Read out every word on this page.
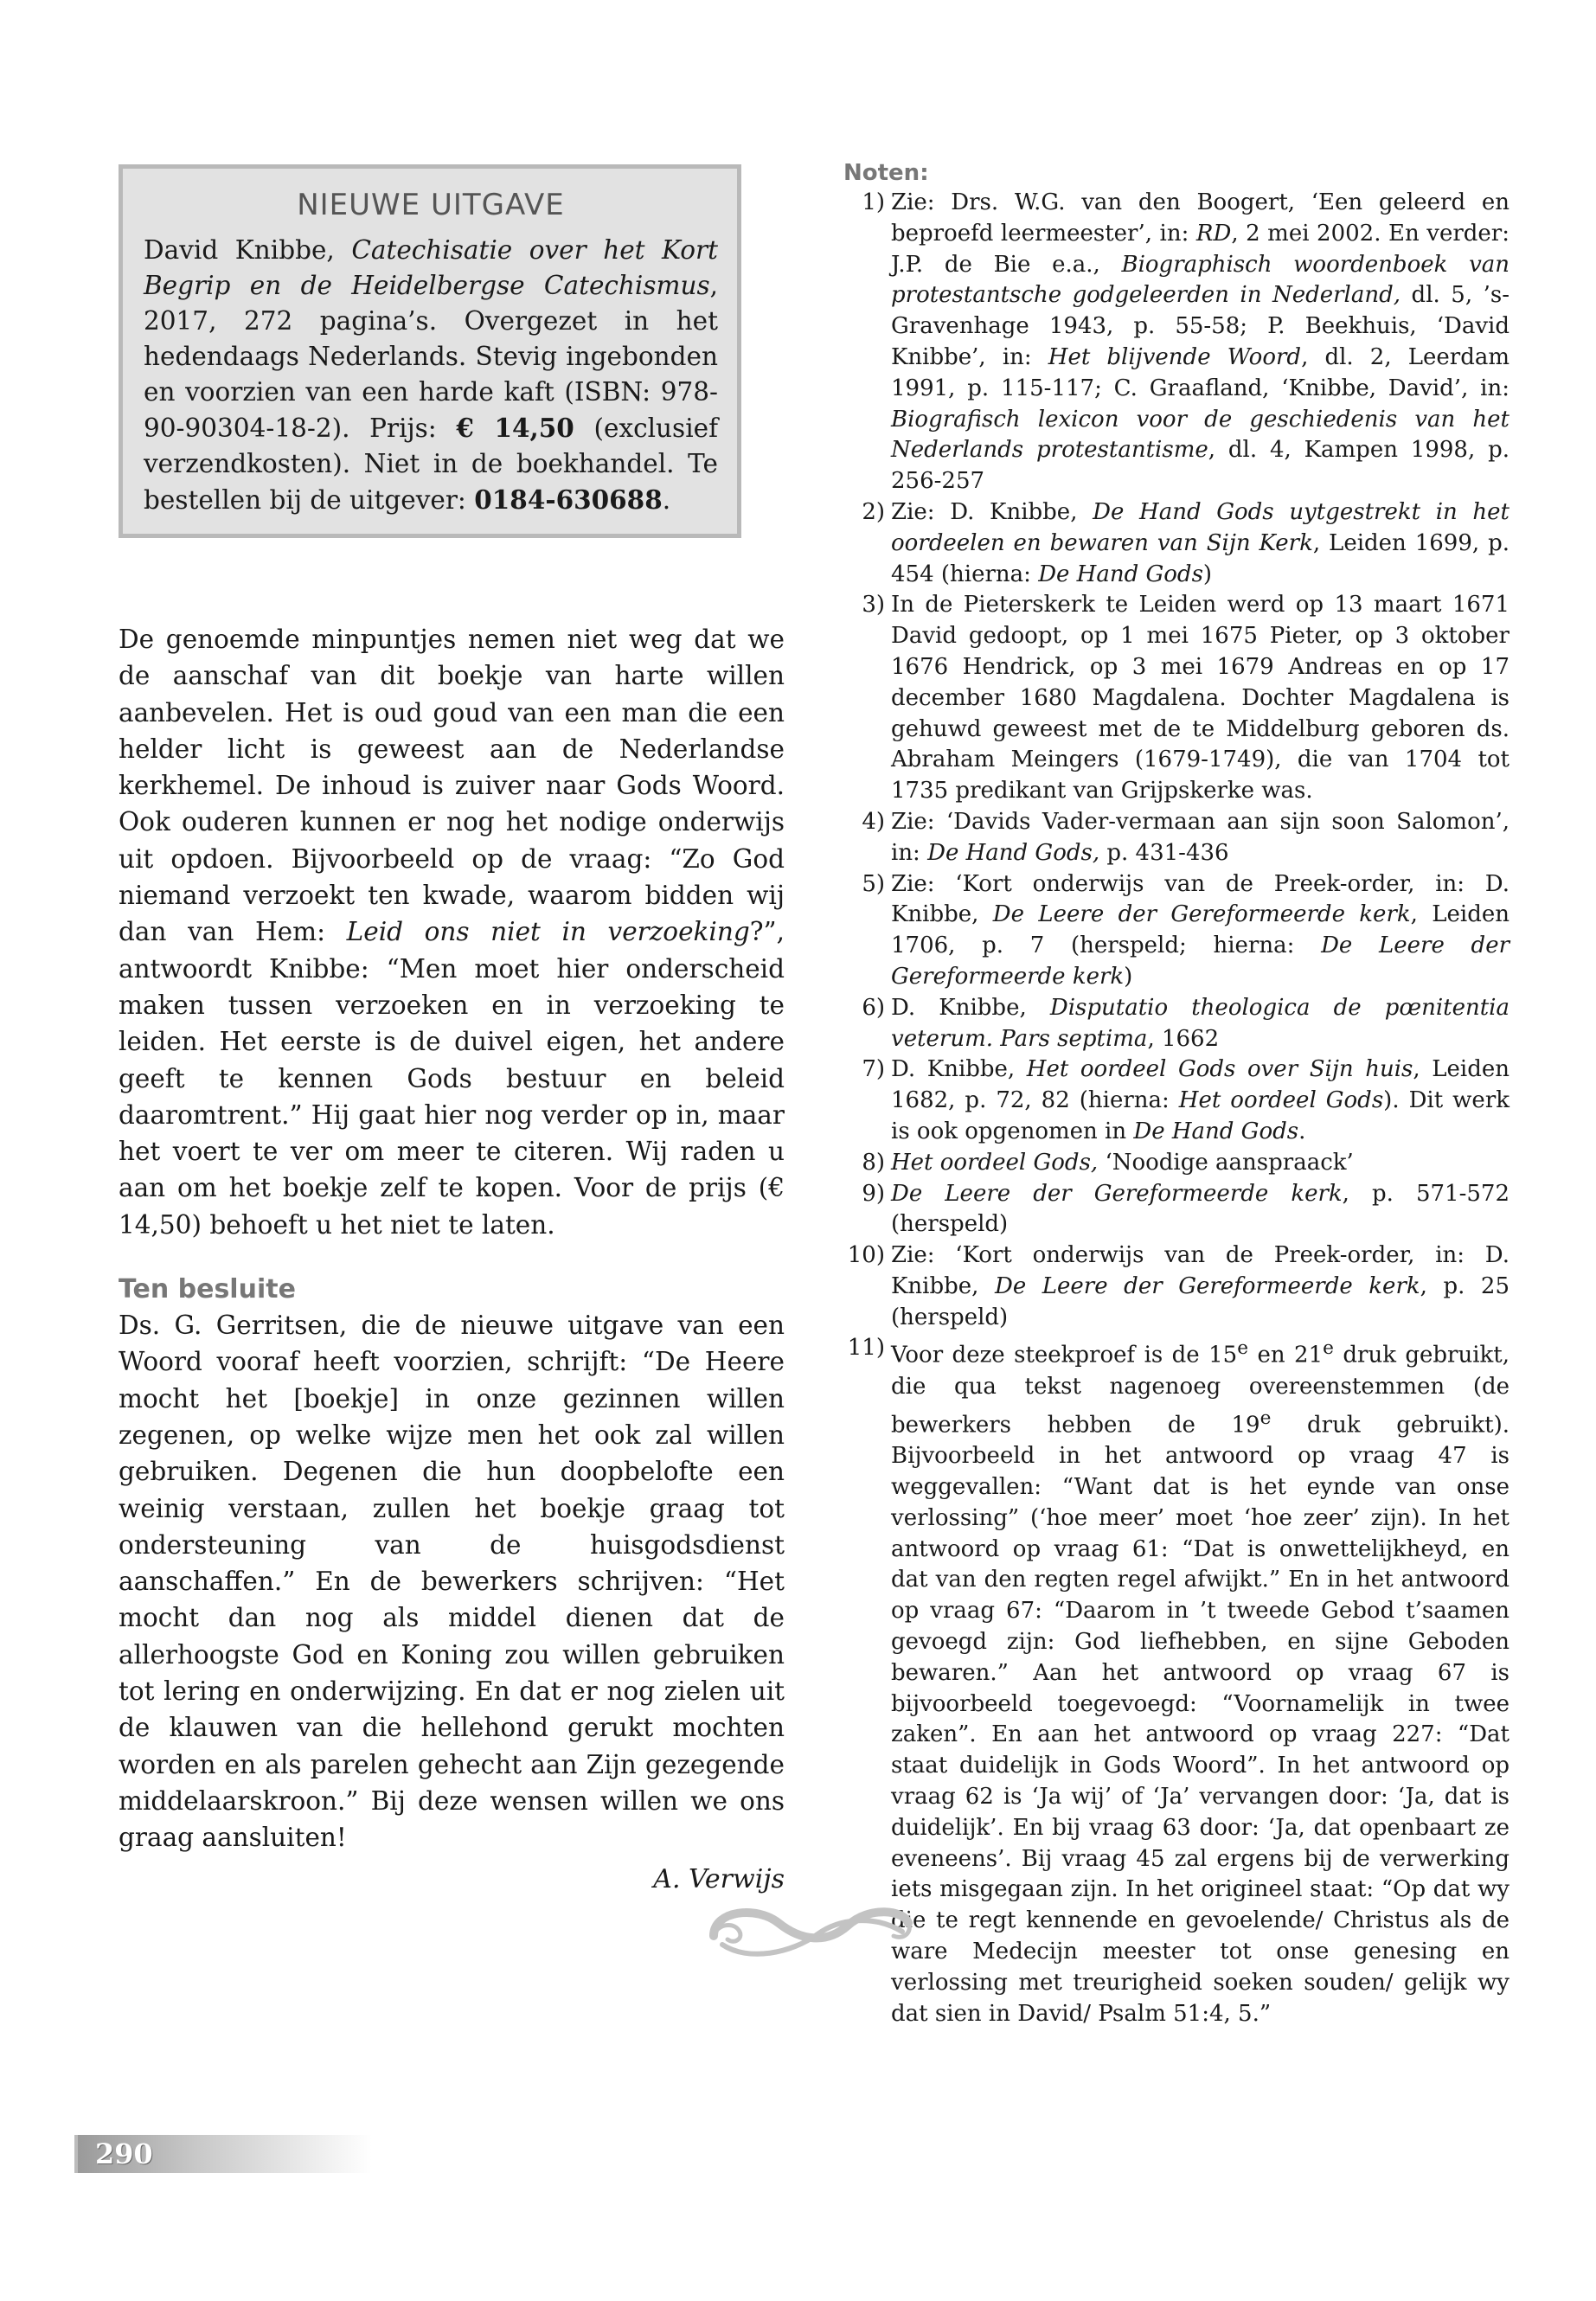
NIEUWE UITGAVE

David Knibbe, Catechisatie over het Kort Begrip en de Heidelbergse Catechismus, 2017, 272 pagina’s. Overgezet in het hedendaags Nederlands. Stevig ingebonden en voorzien van een harde kaft (ISBN: 978-90-90304-18-2). Prijs: € 14,50 (exclusief verzendkosten). Niet in de boekhandel. Te bestellen bij de uitgever: 0184-630688.

De genoemde minpuntjes nemen niet weg dat we de aanschaf van dit boekje van harte willen aanbevelen. Het is oud goud van een man die een helder licht is geweest aan de Nederlandse kerkhemel. De inhoud is zuiver naar Gods Woord. Ook ouderen kunnen er nog het nodige onderwijs uit opdoen. Bijvoorbeeld op de vraag: “Zo God niemand verzoekt ten kwade, waarom bidden wij dan van Hem: Leid ons niet in verzoeking?”, antwoordt Knibbe: “Men moet hier onderscheid maken tussen verzoeken en in verzoeking te leiden. Het eerste is de duivel eigen, het andere geeft te kennen Gods bestuur en beleid daaromtrent.” Hij gaat hier nog verder op in, maar het voert te ver om meer te citeren. Wij raden u aan om het boekje zelf te kopen. Voor de prijs (€ 14,50) behoeft u het niet te laten.

Ten besluite

Ds. G. Gerritsen, die de nieuwe uitgave van een Woord vooraf heeft voorzien, schrijft: “De Heere mocht het [boekje] in onze gezinnen willen zegenen, op welke wijze men het ook zal willen gebruiken. Degenen die hun doopbelofte een weinig verstaan, zullen het boekje graag tot ondersteuning van de huisgodsdienst aanschaffen.” En de bewerkers schrijven: “Het mocht dan nog als middel dienen dat de allerhoogste God en Koning zou willen gebruiken tot lering en onderwijzing. En dat er nog zielen uit de klauwen van die hellehond gerukt mochten worden en als parelen gehecht aan Zijn gezegende middelaarskroon.” Bij deze wensen willen we ons graag aansluiten!

A. Verwijs

Noten:
1) Zie: Drs. W.G. van den Boogert, ‘Een geleerd en beproefd leermeester’, in: RD, 2 mei 2002. En verder: J.P. de Bie e.a., Biographisch woordenboek van protestantsche godgeleerden in Nederland, dl. 5, ’s-Gravenhage 1943, p. 55-58; P. Beekhuis, ‘David Knibbe’, in: Het blijvende Woord, dl. 2, Leerdam 1991, p. 115-117; C. Graafland, ‘Knibbe, David’, in: Biografisch lexicon voor de geschiedenis van het Nederlands protestantisme, dl. 4, Kampen 1998, p. 256-257
2) Zie: D. Knibbe, De Hand Gods uytgestrekt in het oordeelen en bewaren van Sijn Kerk, Leiden 1699, p. 454 (hierna: De Hand Gods)
3) In de Pieterskerk te Leiden werd op 13 maart 1671 David gedoopt, op 1 mei 1675 Pieter, op 3 oktober 1676 Hendrick, op 3 mei 1679 Andreas en op 17 december 1680 Magdalena. Dochter Magdalena is gehuwd geweest met de te Middelburg geboren ds. Abraham Meingers (1679-1749), die van 1704 tot 1735 predikant van Grijpskerke was.
4) Zie: ‘Davids Vader-vermaan aan sijn soon Salomon’, in: De Hand Gods, p. 431-436
5) Zie: ‘Kort onderwijs van de Preek-order, in: D. Knibbe, De Leere der Gereformeerde kerk, Leiden 1706, p. 7 (herspeld; hierna: De Leere der Gereformeerde kerk)
6) D. Knibbe, Disputatio theologica de pœnitentia veterum. Pars septima, 1662
7) D. Knibbe, Het oordeel Gods over Sijn huis, Leiden 1682, p. 72, 82 (hierna: Het oordeel Gods). Dit werk is ook opgenomen in De Hand Gods.
8) Het oordeel Gods, ‘Noodige aanspraack’
9) De Leere der Gereformeerde kerk, p. 571-572 (herspeld)
10) Zie: ‘Kort onderwijs van de Preek-order, in: D. Knibbe, De Leere der Gereformeerde kerk, p. 25 (herspeld)
11) Voor deze steekproef is de 15e en 21e druk gebruikt, die qua tekst nagenoeg overeenstemmen (de bewerkers hebben de 19e druk gebruikt). Bijvoorbeeld in het antwoord op vraag 47 is weggevallen: “Want dat is het eynde van onse verlossing” (‘hoe meer’ moet ‘hoe zeer’ zijn). In het antwoord op vraag 61: “Dat is onwettelijkheyd, en dat van den regten regel afwijkt.” En in het antwoord op vraag 67: “Daarom in ’t tweede Gebod t’saamen gevoegd zijn: God liefhebben, en sijne Geboden bewaren.” Aan het antwoord op vraag 67 is bijvoorbeeld toegevoegd: “Voornamelijk in twee zaken”. En aan het antwoord op vraag 227: “Dat staat duidelijk in Gods Woord”. In het antwoord op vraag 62 is ‘Ja wij’ of ‘Ja’ vervangen door: ‘Ja, dat is duidelijk’. En bij vraag 63 door: ‘Ja, dat openbaart ze eveneens’. Bij vraag 45 zal ergens bij de verwerking iets misgegaan zijn. In het origineel staat: “Op dat wy die te regt kennende en gevoelende/ Christus als de ware Medecijn meester tot onse genesing en verlossing met treurigheid soeken souden/ gelijk wy dat sien in David/ Psalm 51:4, 5.”
290
